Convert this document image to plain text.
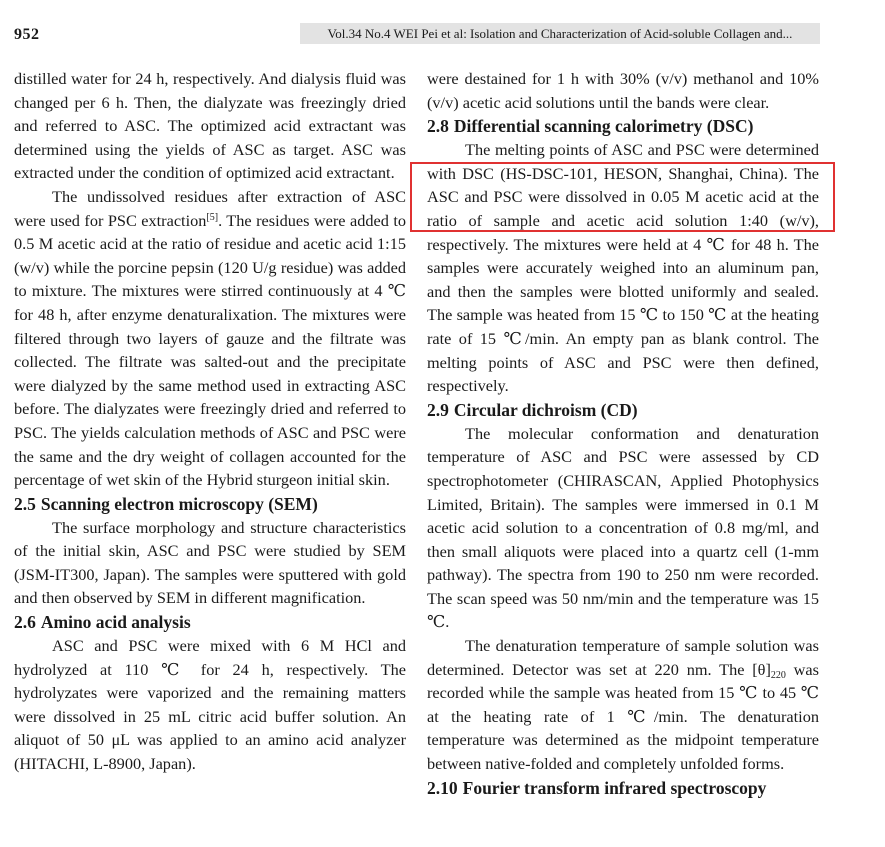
952	Vol.34 No.4 WEI Pei et al: Isolation and Characterization of Acid-soluble Collagen and...

distilled water for 24 h, respectively. And dialysis fluid was changed per 6 h. Then, the dialyzate was freezingly dried and referred to ASC. The optimized acid extractant was determined using the yields of ASC as target. ASC was extracted under the condition of optimized acid extractant.

The undissolved residues after extraction of ASC were used for PSC extraction[5]. The residues were added to 0.5 M acetic acid at the ratio of residue and acetic acid 1:15 (w/v) while the porcine pepsin (120 U/g residue) was added to mixture. The mixtures were stirred continuously at 4 ℃ for 48 h, after enzyme denaturalixation. The mixtures were filtered through two layers of gauze and the filtrate was collected. The filtrate was salted-out and the precipitate were dialyzed by the same method used in extracting ASC before. The dialyzates were freezingly dried and referred to PSC. The yields calculation methods of ASC and PSC were the same and the dry weight of collagen accounted for the percentage of wet skin of the Hybrid sturgeon initial skin.

2.5 Scanning electron microscopy (SEM)

The surface morphology and structure characteristics of the initial skin, ASC and PSC were studied by SEM (JSM-IT300, Japan). The samples were sputtered with gold and then observed by SEM in different magnification.

2.6 Amino acid analysis

ASC and PSC were mixed with 6 M HCl and hydrolyzed at 110 ℃ for 24 h, respectively. The hydrolyzates were vaporized and the remaining matters were dissolved in 25 mL citric acid buffer solution. An aliquot of 50 μL was applied to an amino acid analyzer (HITACHI, L-8900, Japan).

were destained for 1 h with 30% (v/v) methanol and 10% (v/v) acetic acid solutions until the bands were clear.

2.8 Differential scanning calorimetry (DSC)

The melting points of ASC and PSC were determined with DSC (HS-DSC-101, HESON, Shanghai, China). The ASC and PSC were dissolved in 0.05 M acetic acid at the ratio of sample and acetic acid solution 1:40 (w/v), respectively. The mixtures were held at 4 ℃ for 48 h. The samples were accurately weighed into an aluminum pan, and then the samples were blotted uniformly and sealed. The sample was heated from 15 ℃ to 150 ℃ at the heating rate of 15 ℃/min. An empty pan as blank control. The melting points of ASC and PSC were then defined, respectively.

2.9 Circular dichroism (CD)

The molecular conformation and denaturation temperature of ASC and PSC were assessed by CD spectrophotometer (CHIRASCAN, Applied Photophysics Limited, Britain). The samples were immersed in 0.1 M acetic acid solution to a concentration of 0.8 mg/ml, and then small aliquots were placed into a quartz cell (1-mm pathway). The spectra from 190 to 250 nm were recorded. The scan speed was 50 nm/min and the temperature was 15 ℃.

The denaturation temperature of sample solution was determined. Detector was set at 220 nm. The $[\theta]_{220}$ was recorded while the sample was heated from 15 ℃ to 45 ℃ at the heating rate of 1 ℃/min. The denaturation temperature was determined as the midpoint temperature between native-folded and completely unfolded forms.

2.10 Fourier transform infrared spectroscopy
